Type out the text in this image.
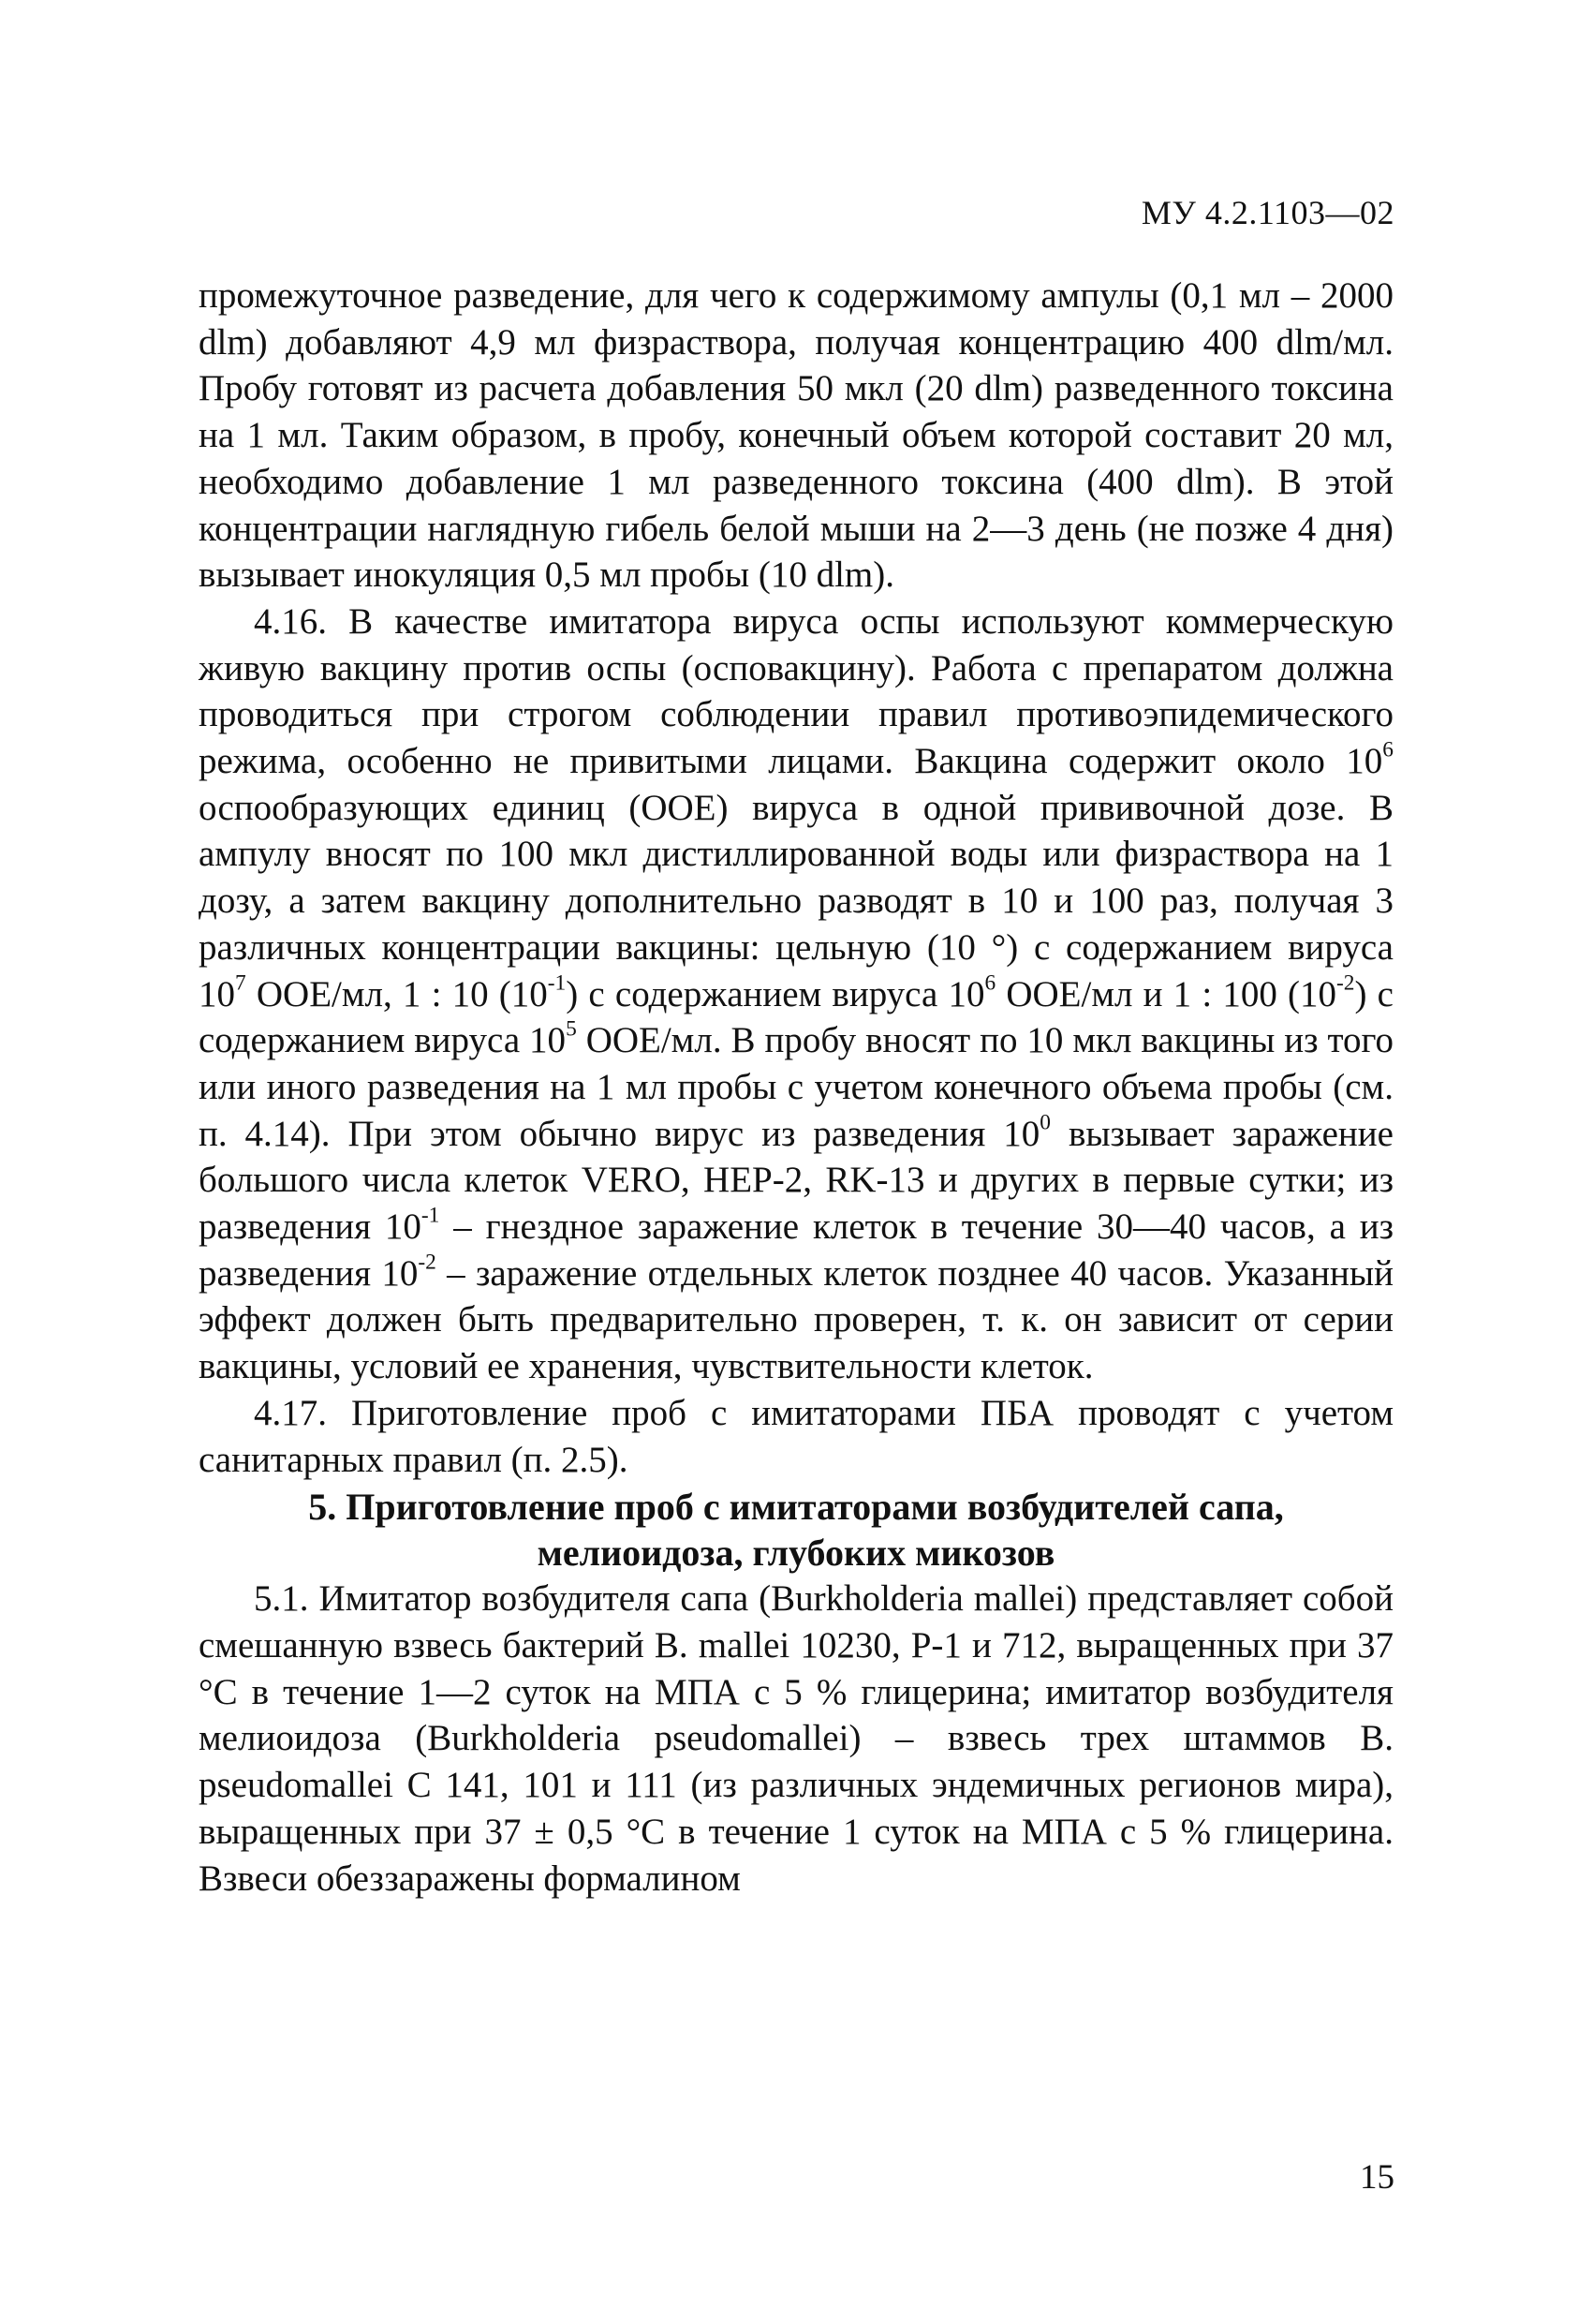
МУ 4.2.1103—02

промежуточное разведение, для чего к содержимому ампулы (0,1 мл – 2000 dlm) добавляют 4,9 мл физраствора, получая концентрацию 400 dlm/мл. Пробу готовят из расчета добавления 50 мкл (20 dlm) разведенного токсина на 1 мл. Таким образом, в пробу, конечный объем которой составит 20 мл, необходимо добавление 1 мл разведенного токсина (400 dlm). В этой концентрации наглядную гибель белой мыши на 2—3 день (не позже 4 дня) вызывает инокуляция 0,5 мл пробы (10 dlm).

4.16. В качестве имитатора вируса оспы используют коммерческую живую вакцину против оспы (осповакцину). Работа с препаратом должна проводиться при строгом соблюдении правил противоэпидемического режима, особенно не привитыми лицами. Вакцина содержит около $10^6$ оспообразующих единиц (ООЕ) вируса в одной прививочной дозе. В ампулу вносят по 100 мкл дистиллированной воды или физраствора на 1 дозу, а затем вакцину дополнительно разводят в 10 и 100 раз, получая 3 различных концентрации вакцины: цельную (10 °) с содержанием вируса $10^7$ ООЕ/мл, 1 : 10 $(10^{-1})$ с содержанием вируса $10^6$ ООЕ/мл и 1 : 100 $(10^{-2})$ с содержанием вируса $10^5$ ООЕ/мл. В пробу вносят по 10 мкл вакцины из того или иного разведения на 1 мл пробы с учетом конечного объема пробы (см. п. 4.14). При этом обычно вирус из разведения $10^0$ вызывает заражение большого числа клеток VERO, НЕР-2, RK-13 и других в первые сутки; из разведения $10^{-1}$ – гнездное заражение клеток в течение 30—40 часов, а из разведения $10^{-2}$ – заражение отдельных клеток позднее 40 часов. Указанный эффект должен быть предварительно проверен, т. к. он зависит от серии вакцины, условий ее хранения, чувствительности клеток.

4.17. Приготовление проб с имитаторами ПБА проводят с учетом санитарных правил (п. 2.5).

5. Приготовление проб с имитаторами возбудителей сапа,
мелиоидоза, глубоких микозов

5.1. Имитатор возбудителя сапа (Burkholderia mallei) представляет собой смешанную взвесь бактерий В. mallei 10230, Р-1 и 712, выращенных при 37 °С в течение 1—2 суток на МПА с 5 % глицерина; имитатор возбудителя мелиоидоза (Burkholderia pseudomallei) – взвесь трех штаммов В. pseudomallei С 141, 101 и 111 (из различных эндемичных регионов мира), выращенных при 37 ± 0,5 °С в течение 1 суток на МПА с 5 % глицерина. Взвеси обеззаражены формалином

15
